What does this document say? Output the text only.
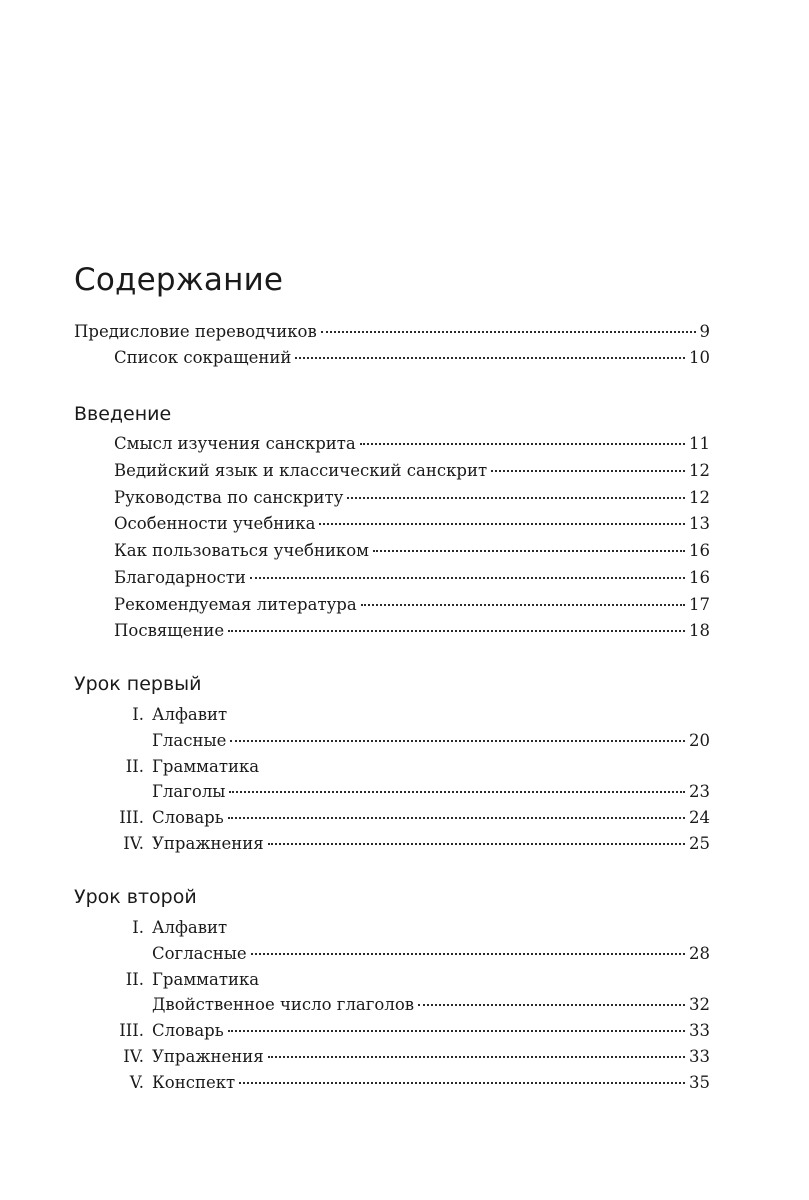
Содержание
Предисловие переводчиков	9
Список сокращений	10
Введение
Смысл изучения санскрита	11
Ведийский язык и классический санскрит	12
Руководства по санскриту	12
Особенности учебника	13
Как пользоваться учебником	16
Благодарности	16
Рекомендуемая литература	17
Посвящение	18
Урок первый
I. Алфавит
Гласные	20
II. Грамматика
Глаголы	23
III. Словарь	24
IV. Упражнения	25
Урок второй
I. Алфавит
Согласные	28
II. Грамматика
Двойственное число глаголов	32
III. Словарь	33
IV. Упражнения	33
V. Конспект	35
